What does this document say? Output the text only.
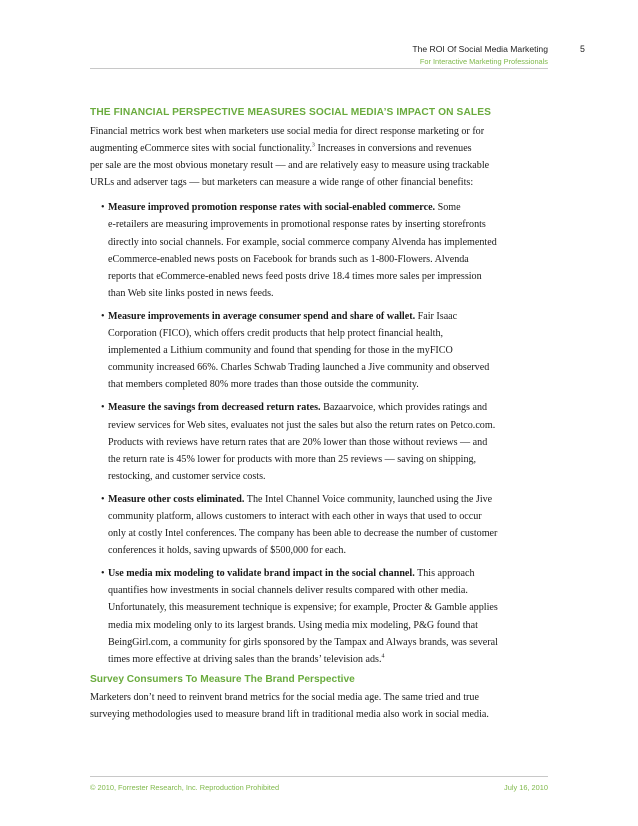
The ROI Of Social Media Marketing
For Interactive Marketing Professionals
5
THE FINANCIAL PERSPECTIVE MEASURES SOCIAL MEDIA’S IMPACT ON SALES

Financial metrics work best when marketers use social media for direct response marketing or for
augmenting eCommerce sites with social functionality.$^3$ Increases in conversions and revenues
per sale are the most obvious monetary result — and are relatively easy to measure using trackable
URLs and adserver tags — but marketers can measure a wide range of other financial benefits:

• Measure improved promotion response rates with social-enabled commerce. Some
e-retailers are measuring improvements in promotional response rates by inserting storefronts
directly into social channels. For example, social commerce company Alvenda has implemented
eCommerce-enabled news posts on Facebook for brands such as 1-800-Flowers. Alvenda
reports that eCommerce-enabled news feed posts drive 18.4 times more sales per impression
than Web site links posted in news feeds.
• Measure improvements in average consumer spend and share of wallet. Fair Isaac
Corporation (FICO), which offers credit products that help protect financial health,
implemented a Lithium community and found that spending for those in the myFICO
community increased 66%. Charles Schwab Trading launched a Jive community and observed
that members completed 80% more trades than those outside the community.
• Measure the savings from decreased return rates. Bazaarvoice, which provides ratings and
review services for Web sites, evaluates not just the sales but also the return rates on Petco.com.
Products with reviews have return rates that are 20% lower than those without reviews — and
the return rate is 45% lower for products with more than 25 reviews — saving on shipping,
restocking, and customer service costs.
• Measure other costs eliminated. The Intel Channel Voice community, launched using the Jive
community platform, allows customers to interact with each other in ways that used to occur
only at costly Intel conferences. The company has been able to decrease the number of customer
conferences it holds, saving upwards of $500,000 for each.
• Use media mix modeling to validate brand impact in the social channel. This approach
quantifies how investments in social channels deliver results compared with other media.
Unfortunately, this measurement technique is expensive; for example, Procter & Gamble applies
media mix modeling only to its largest brands. Using media mix modeling, P&G found that
BeingGirl.com, a community for girls sponsored by the Tampax and Always brands, was several
times more effective at driving sales than the brands’ television ads.$^4$
Survey Consumers To Measure The Brand Perspective

Marketers don’t need to reinvent brand metrics for the social media age. The same tried and true
surveying methodologies used to measure brand lift in traditional media also work in social media.

© 2010, Forrester Research, Inc. Reproduction Prohibited	July 16, 2010
